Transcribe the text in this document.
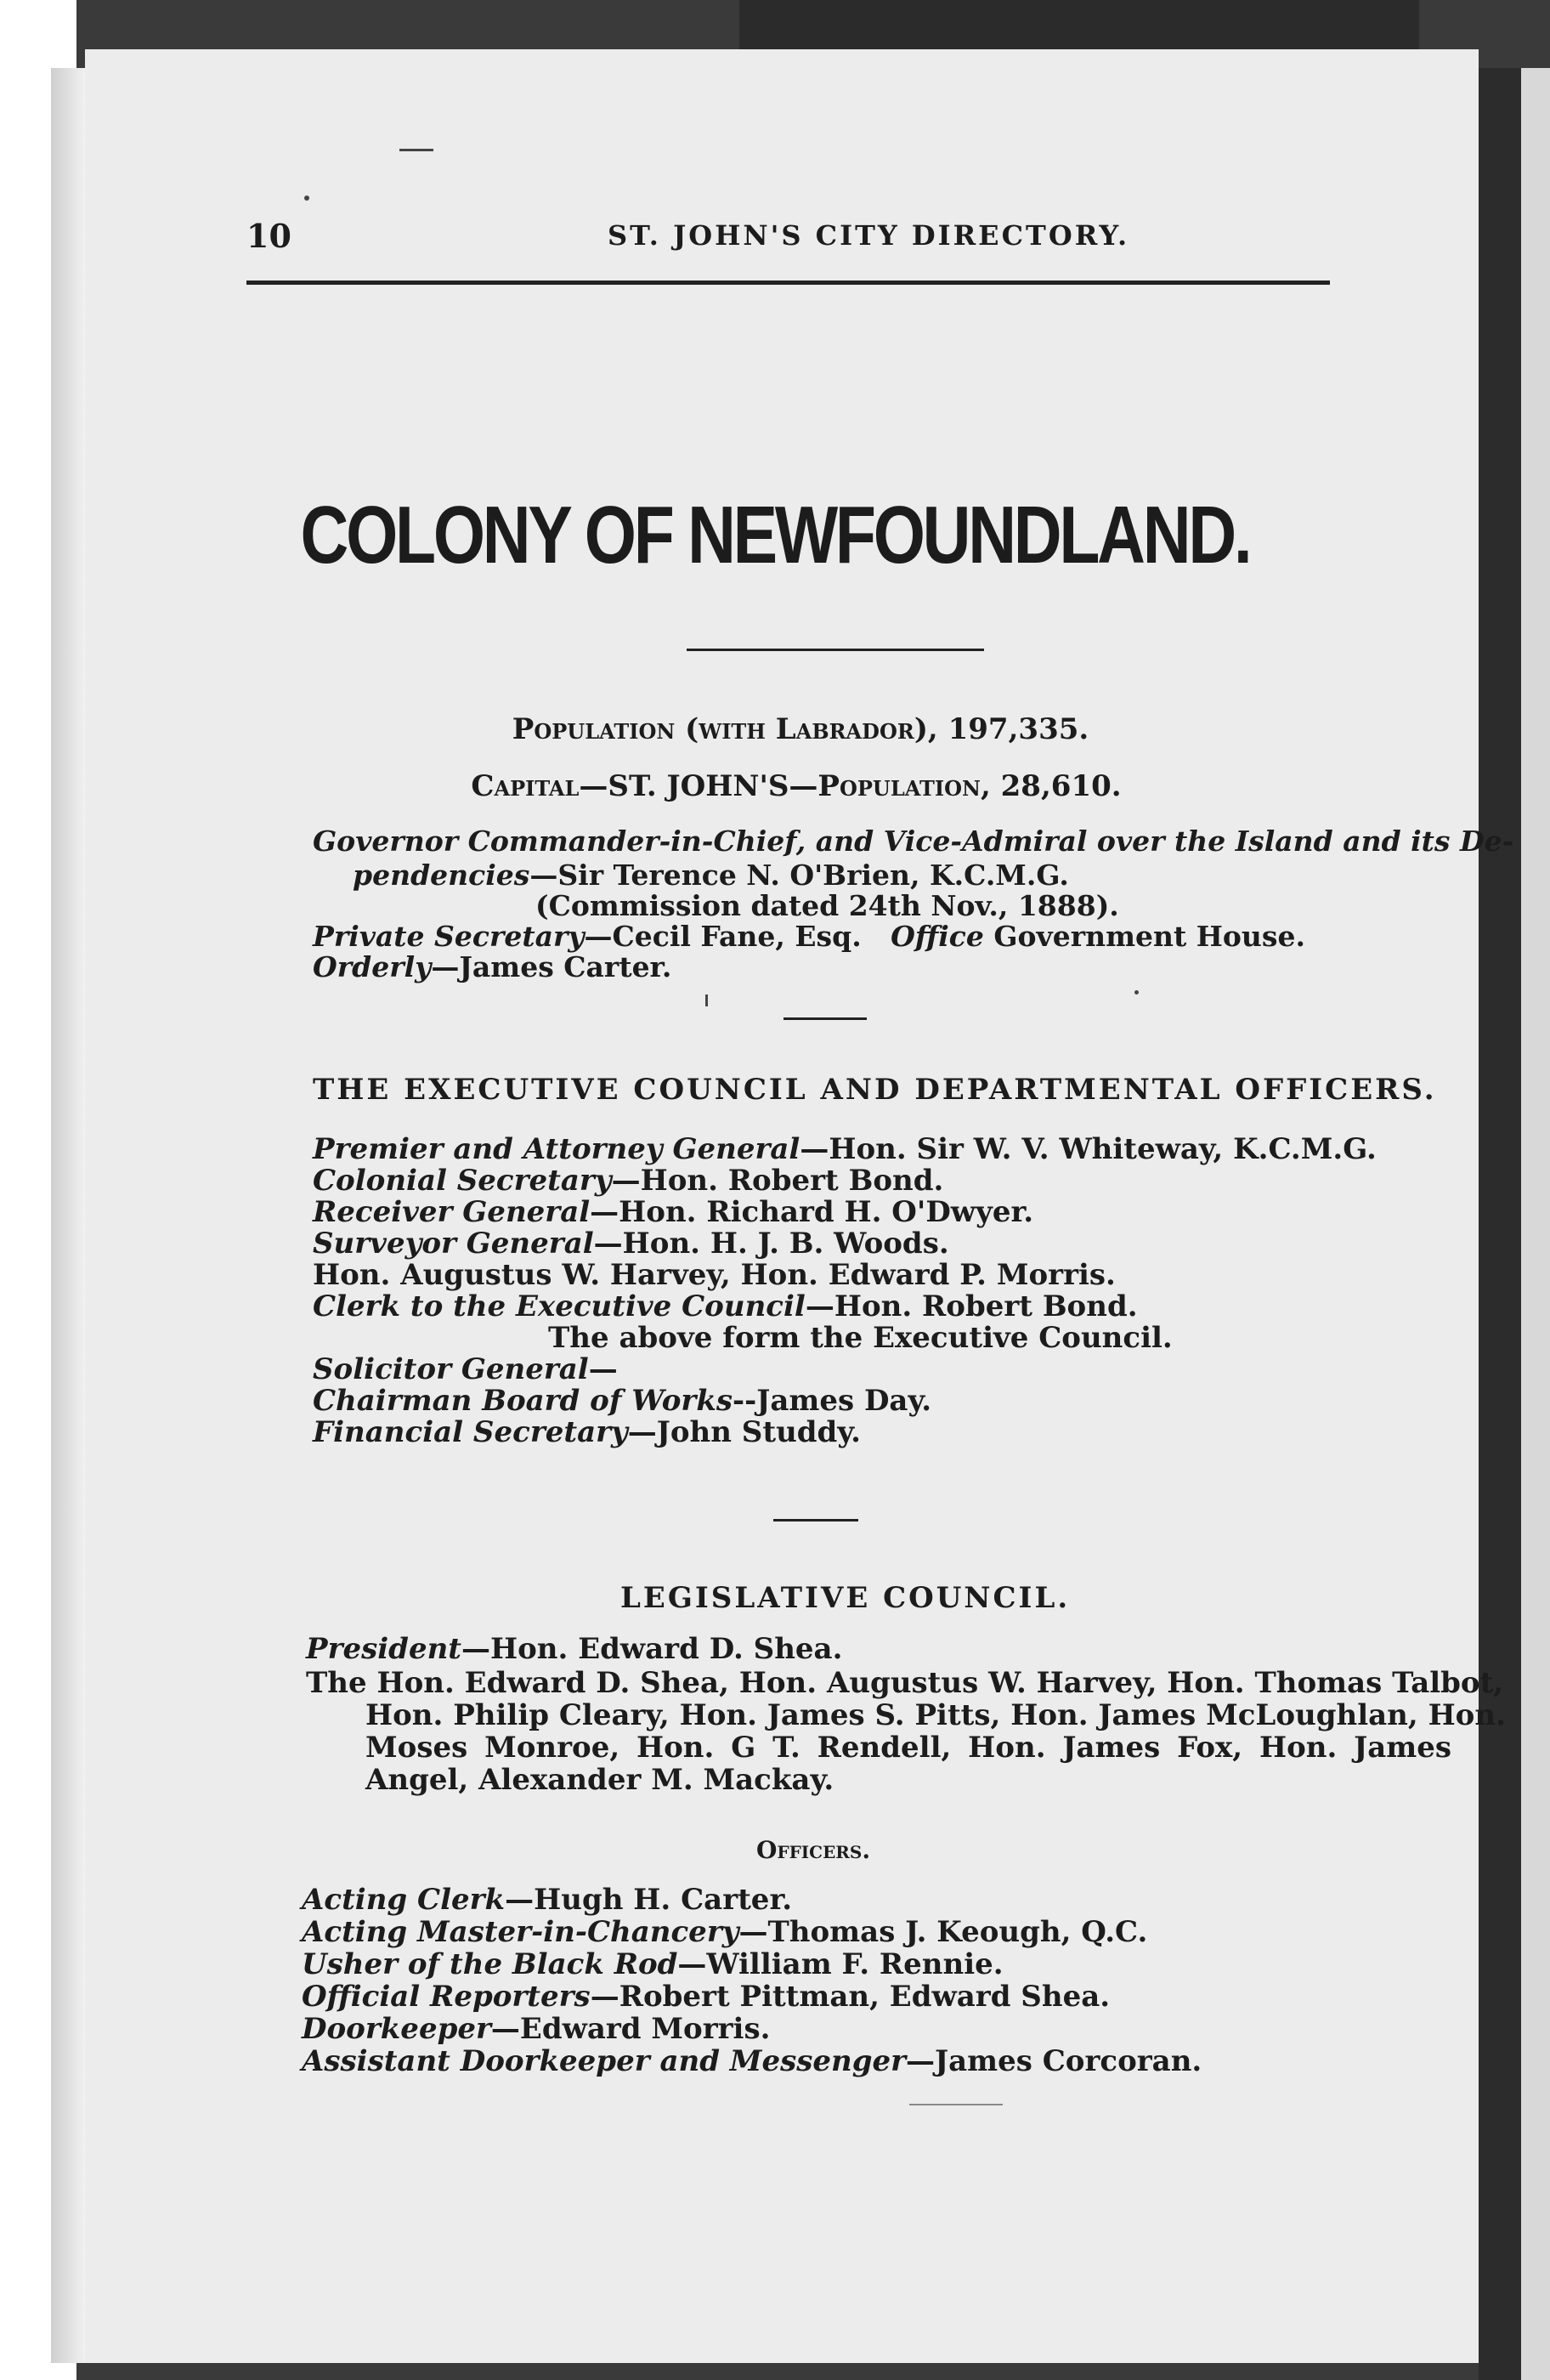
10	ST. JOHN'S CITY DIRECTORY.
COLONY OF NEWFOUNDLAND.
Population (with Labrador), 197,335.
Capital—ST. JOHN'S—Population, 28,610.
Governor Commander-in-Chief, and Vice-Admiral over the Island and its De-
pendencies—Sir Terence N. O'Brien, K.C.M.G.
(Commission dated 24th Nov., 1888).
Private Secretary—Cecil Fane, Esq. Office Government House.
Orderly—James Carter.
THE EXECUTIVE COUNCIL AND DEPARTMENTAL OFFICERS.
Premier and Attorney General—Hon. Sir W. V. Whiteway, K.C.M.G.
Colonial Secretary—Hon. Robert Bond.
Receiver General—Hon. Richard H. O'Dwyer.
Surveyor General—Hon. H. J. B. Woods.
Hon. Augustus W. Harvey, Hon. Edward P. Morris.
Clerk to the Executive Council—Hon. Robert Bond.
The above form the Executive Council.
Solicitor General—
Chairman Board of Works--James Day.
Financial Secretary—John Studdy.
LEGISLATIVE COUNCIL.
President—Hon. Edward D. Shea.
The Hon. Edward D. Shea, Hon. Augustus W. Harvey, Hon. Thomas Talbot,
Hon. Philip Cleary, Hon. James S. Pitts, Hon. James McLoughlan, Hon.
Moses Monroe, Hon. G T. Rendell, Hon. James Fox, Hon. James
Angel, Alexander M. Mackay.
Officers.
Acting Clerk—Hugh H. Carter.
Acting Master-in-Chancery—Thomas J. Keough, Q.C.
Usher of the Black Rod—William F. Rennie.
Official Reporters—Robert Pittman, Edward Shea.
Doorkeeper—Edward Morris.
Assistant Doorkeeper and Messenger—James Corcoran.
